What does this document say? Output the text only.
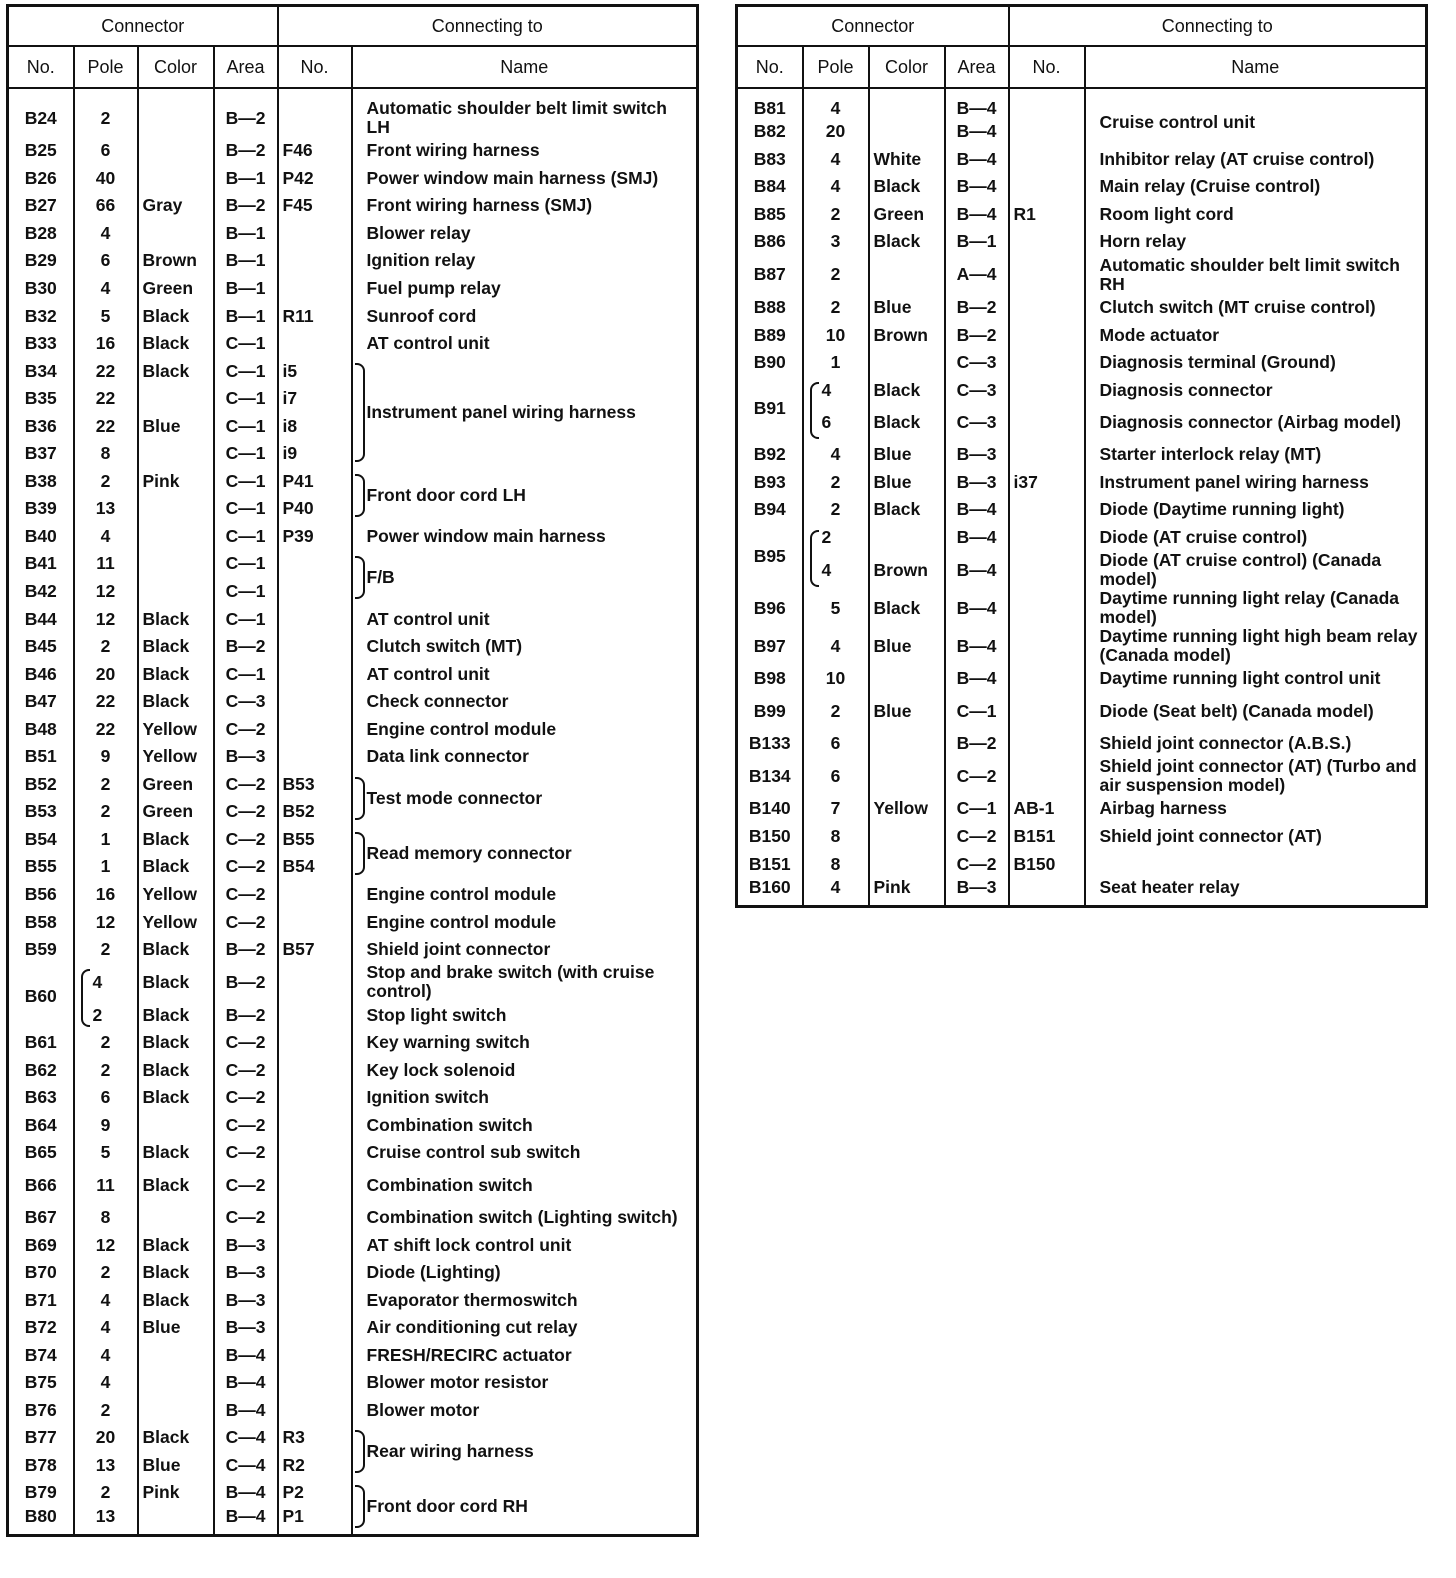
Connector				Connecting to	
No.	Pole	Color	Area	No.	Name
B24	2		B—2		Automatic shoulder belt limit switch LH
B25	6		B—2	F46	Front wiring harness
B26	40		B—1	P42	Power window main harness (SMJ)
B27	66	Gray	B—2	F45	Front wiring harness (SMJ)
B28	4		B—1		Blower relay
B29	6	Brown	B—1		Ignition relay
B30	4	Green	B—1		Fuel pump relay
B32	5	Black	B—1	R11	Sunroof cord
B33	16	Black	C—1		AT control unit
B34	22	Black	C—1	i5	Instrument panel wiring harness
B35	22		C—1	i7	
B36	22	Blue	C—1	i8	
B37	8		C—1	i9	
B38	2	Pink	C—1	P41	Front door cord LH
B39	13		C—1	P40	
B40	4		C—1	P39	Power window main harness
B41	11		C—1		F/B
B42	12		C—1		
B44	12	Black	C—1		AT control unit
B45	2	Black	B—2		Clutch switch (MT)
B46	20	Black	C—1		AT control unit
B47	22	Black	C—3		Check connector
B48	22	Yellow	C—2		Engine control module
B51	9	Yellow	B—3		Data link connector
B52	2	Green	C—2	B53	Test mode connector
B53	2	Green	C—2	B52	
B54	1	Black	C—2	B55	Read memory connector
B55	1	Black	C—2	B54	
B56	16	Yellow	C—2		Engine control module
B58	12	Yellow	C—2		Engine control module
B59	2	Black	B—2	B57	Shield joint connector
B60	4	Black	B—2		Stop and brake switch (with cruise control)
	2	Black	B—2		Stop light switch
B61	2	Black	C—2		Key warning switch
B62	2	Black	C—2		Key lock solenoid
B63	6	Black	C—2		Ignition switch
B64	9		C—2		Combination switch
B65	5	Black	C—2		Cruise control sub switch
B66	11	Black	C—2		Combination switch
B67	8		C—2		Combination switch (Lighting switch)
B69	12	Black	B—3		AT shift lock control unit
B70	2	Black	B—3		Diode (Lighting)
B71	4	Black	B—3		Evaporator thermoswitch
B72	4	Blue	B—3		Air conditioning cut relay
B74	4		B—4		FRESH/RECIRC actuator
B75	4		B—4		Blower motor resistor
B76	2		B—4		Blower motor
B77	20	Black	C—4	R3	Rear wiring harness
B78	13	Blue	C—4	R2	
B79	2	Pink	B—4	P2	Front door cord RH
B80	13		B—4	P1	
Connector				Connecting to	
No.	Pole	Color	Area	No.	Name
B81	4		B—4		Cruise control unit
B82	20		B—4		
B83	4	White	B—4		Inhibitor relay (AT cruise control)
B84	4	Black	B—4		Main relay (Cruise control)
B85	2	Green	B—4	R1	Room light cord
B86	3	Black	B—1		Horn relay
B87	2		A—4		Automatic shoulder belt limit switch RH
B88	2	Blue	B—2		Clutch switch (MT cruise control)
B89	10	Brown	B—2		Mode actuator
B90	1		C—3		Diagnosis terminal (Ground)
B91	4	Black	C—3		Diagnosis connector
	6	Black	C—3		Diagnosis connector (Airbag model)
B92	4	Blue	B—3		Starter interlock relay (MT)
B93	2	Blue	B—3	i37	Instrument panel wiring harness
B94	2	Black	B—4		Diode (Daytime running light)
B95	2		B—4		Diode (AT cruise control)
	4	Brown	B—4		Diode (AT cruise control) (Canada model)
B96	5	Black	B—4		Daytime running light relay (Canada model)
B97	4	Blue	B—4		Daytime running light high beam relay (Canada model)
B98	10		B—4		Daytime running light control unit
B99	2	Blue	C—1		Diode (Seat belt) (Canada model)
B133	6		B—2		Shield joint connector (A.B.S.)
B134	6		C—2		Shield joint connector (AT) (Turbo and air suspension model)
B140	7	Yellow	C—1	AB-1	Airbag harness
B150	8		C—2	B151	Shield joint connector (AT)
B151	8		C—2	B150	
B160	4	Pink	B—3		Seat heater relay
